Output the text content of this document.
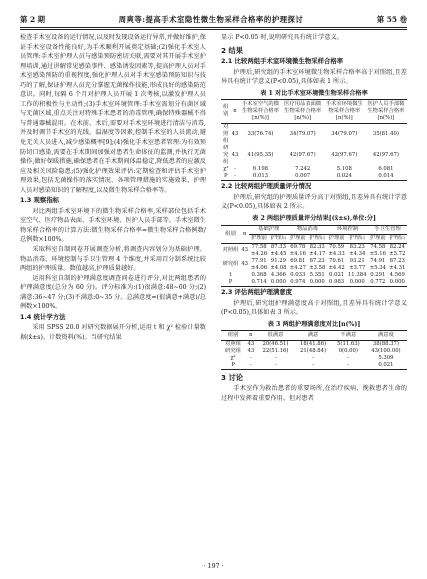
第 2 期	周爽等:提高手术室隐性微生物采样合格率的护理探讨	第 55 卷

检查手术室设备的运行情况,以及时发现设备运行异常,并做好维护,保证手术室设备性能良好,为手术顺利开展奠定基础;(2)强化手术室人员管理:手术室护理人员与感染预防密切关联,需要对其开展手术室护理培训,通过讲解常见感染事件、感染诱发因素等,提高护理人员对手术室感染预防的重视程度,强化护理人员对手术室感染预防知识与技巧的了解,保证护理人员充分掌握无菌操作技能,形成良好的感染防范意识。同时,每隔 6 个月对护理人员开展 1 次考核,以激发护理人员工作的积极性与主动性;(3)手术室环境管理:手术室需划分有菌区域与无菌区域,重点关注对特殊手术患者的消毒管理,确保特殊器械不得与普通器械混用。在术前、术后,需要对手术室环境进行清洁与消毒,并及时调节手术室的光线、温湿度等因素,控制手术室的人员流动,避免无关人员进入,减少感染概率[9];(4)强化手术室患者管理:为有效预防切口感染,需要在手术期间加强对患者生命体征的监测,并执行无菌操作,做好保暖措施,确保患者在手术期间体温稳定,降低患者的应激反应及相关风险隐患;(5)强化护理效果评估:定期检查和评估手术室护理效果,包括无菌操作的落实情况、各项管理措施的实施效果、护理人员对感染知识的了解程度,以及微生物采样合格率等。

1.3 观察指标

对比两组手术室环境下的微生物采样合格率,采样部位包括手术室空气、医疗物品表面、手术室环境、医护人员手部等。手术室微生物采样合格率的计算方法:微生物采样合格率=微生物采样合格例数/总例数×100%。

采取科室自制问卷开展调查分析,将调查内容划分为基础护理、物品消毒、环境控制与手卫生管理 4 个维度,并采用百分制系统比较两组的护理质量。数值越高,护理质量越好。

运用科室自制的护理满意度调查问卷进行评分,对比两组患者的护理满意度(总分为 60 分)。评分标准为:(1)很满意:48~60 分;(2)满意:36~47 分;(3)不满意:0~35 分。总满意度=(很满意+满意)/总例数×100%。

1.4 统计学方法

采用 SPSS 20.0 对研究数据展开分析,运用 t 和 χ² 检验计量数据(x̄±s)、计数资料(%)。当研究结果

显示 P<0.05 时,说明研究具有统计学意义。

2 结果
2.1 比较两组手术室环境微生物采样合格率

护理后,研究组的手术室环境微生物采样合格率高于对照组,且差异具有统计学意义(P<0.05),具体如表 1 所示。

表 1 对比手术室环境微生物采样合格率
组别	n	手术室空气的微生物采样合格率[n(%)]	医疗用品表面微生物采样合格率[n(%)]	手术室环境微生物采样合格率[n(%)]	医护人员手部微生物采样合格率[n(%)]
对照组	43	33(76.74)	34(79.07)	34(79.07)	35(81.40)
研究组	43	41(95.35)	42(97.67)	42(97.67)	42(97.67)
χ²	-	6.198	7.242	5.108	6.081
P	-	0.013	0.007	0.024	0.014
2.2 比较两组护理质量评分情况

护理后,研究组的护理质量评分高于对照组,且差异具有统计学意义(P<0.05),具体如表 2 所示。

表 2 两组护理质量评分结果[(x̄±s),单位:分]
组别	n	基础护理		物品消毒		环境控制		手卫生管理	
		护理前	护理后	护理前	护理后	护理前	护理后	护理前	护理后
对照组	43	77.58	87.33	69.78	82.33	70.59	83.23	74.58	82.24
		±4.26	±4.45	±4.16	±4.17	±4.33	±4.34	±5.16	±5.72
研究组	43	77.91	91.29	69.81	87.23	70.61	93.21	74.91	87.23
		±4.06	±4.08	±4.27	±3.58	±4.42	±3.77	±5.34	±4.31
t		0.368	4.366	0.033	5.351	0.021	11.384	0.291	4.569
P		0.714	0.000	0.974	0.000	0.983	0.000	0.772	0.000
2.3 评估两组护理满意度

护理后,研究组护理满意度高于对照组,且差异具有统计学意义(P<0.05),具体如表 3 所示。

表 3 两组护理满意度对比[n(%)]
组别	n	很满意	满意	不满意	满意度
对照组	43	20(46.51)	18(41.86)	5(11.63)	38(88.37)
研究组	43	22(51.16)	21(48.84)	0(0.00)	43(100.00)
χ²	-	-	-	-	5.309
P	-	-	-	-	0.021
3 讨论

手术室作为救治患者的重要场所,在治疗疾病、挽救患者生命的过程中发挥着重要作用。但对患者

· 197 ·
